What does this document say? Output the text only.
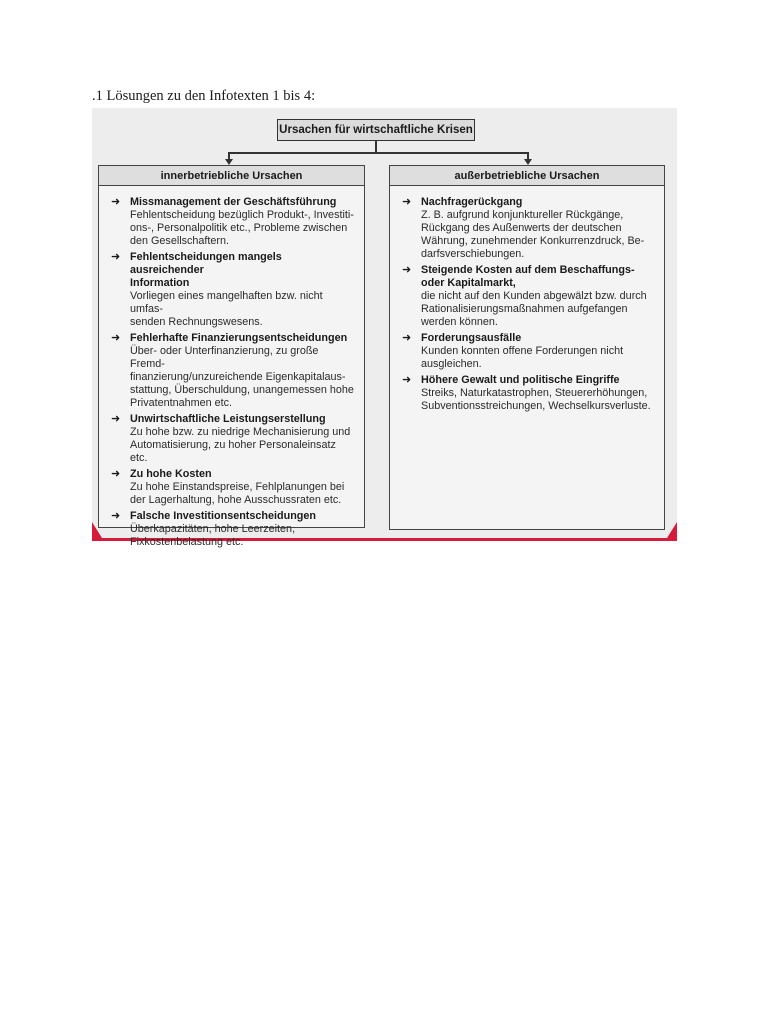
.1 Lösungen zu den Infotexten 1 bis 4:
Ursachen für wirtschaftliche Krisen
innerbetriebliche Ursachen
➜ Missmanagement der Geschäftsführung
Fehlentscheidung bezüglich Produkt-, Investiti-
ons-, Personalpolitik etc., Probleme zwischen
den Gesellschaftern.
➜ Fehlentscheidungen mangels ausreichender
Information
Vorliegen eines mangelhaften bzw. nicht umfas-
senden Rechnungswesens.
➜ Fehlerhafte Finanzierungsentscheidungen
Über- oder Unterfinanzierung, zu große Fremd-
finanzierung/unzureichende Eigenkapitalaus-
stattung, Überschuldung, unangemessen hohe
Privatentnahmen etc.
➜ Unwirtschaftliche Leistungserstellung
Zu hohe bzw. zu niedrige Mechanisierung und
Automatisierung, zu hoher Personaleinsatz etc.
➜ Zu hohe Kosten
Zu hohe Einstandspreise, Fehlplanungen bei
der Lagerhaltung, hohe Ausschussraten etc.
➜ Falsche Investitionsentscheidungen
Überkapazitäten, hohe Leerzeiten,
Fixkostenbelastung etc.
außerbetriebliche Ursachen
➜ Nachfragerückgang
Z. B. aufgrund konjunktureller Rückgänge,
Rückgang des Außenwerts der deutschen
Währung, zunehmender Konkurrenzdruck, Be-
darfsverschiebungen.
➜ Steigende Kosten auf dem Beschaffungs-
oder Kapitalmarkt,
die nicht auf den Kunden abgewälzt bzw. durch
Rationalisierungsmaßnahmen aufgefangen
werden können.
➜ Forderungsausfälle
Kunden konnten offene Forderungen nicht
ausgleichen.
➜ Höhere Gewalt und politische Eingriffe
Streiks, Naturkatastrophen, Steuererhöhungen,
Subventionsstreichungen, Wechselkursverluste.
